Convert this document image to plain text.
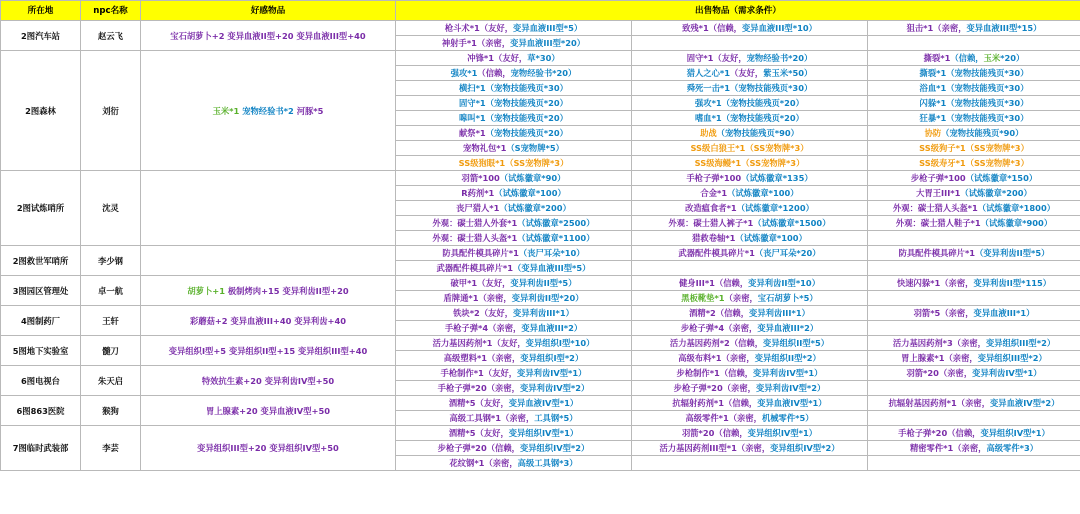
所在地	npc名称	好感物品	出售物品（需求条件）		
2图汽车站	赵云飞	宝石胡萝卜+2 变异血液II型+20 变异血液III型+40	枪斗术*1（友好，变异血液III型*5）	致残*1（信赖，变异血液III型*10）	狙击*1（亲密，变异血液III型*15）
			神射手*1（亲密，变异血液III型*20）		
2图森林	刘衍	玉米*1 宠物经验书*2 河豚*5	冲锋*1（友好，草*30）	固守*1（友好，宠物经验书*20）	撕裂*1（信赖，玉米*20）
			强攻*1（信赖，宠物经验书*20）	猎人之心*1（友好，紫玉米*50）	撕裂*1（宠物技能残页*30）
			横扫*1（宠物技能残页*30）	舜死一击*1（宠物技能残页*30）	浴血*1（宠物技能残页*30）
			固守*1（宠物技能残页*20）	强攻*1（宠物技能残页*20）	闪躲*1（宠物技能残页*30）
			嗥叫*1（宠物技能残页*20）	嗜血*1（宠物技能残页*20）	狂暴*1（宠物技能残页*30）
			献祭*1（宠物技能残页*20）	助战（宠物技能残页*90）	协防（宠物技能残页*90）
			宠物礼包*1（S宠物牌*5）	SS级白狼王*1（SS宠物牌*3）	SS级狗子*1（SS宠物牌*3）
			SS级狍眼*1（SS宠物牌*3）	SS级海鳗*1（SS宠物牌*3）	SS级寿牙*1（SS宠物牌*3）
2图试炼哨所	沈灵		羽箭*100（试炼徽章*90）	手枪子弹*100（试炼徽章*135）	步枪子弹*100（试炼徽章*150）
			R药剂*1（试炼徽章*100）	合金*1（试炼徽章*100）	大胃王III*1（试炼徽章*200）
			丧尸猎人*1（试炼徽章*200）	改造瘟食者*1（试炼徽章*1200）	外观：碳士猎人头盔*1（试炼徽章*1800）
			外观：碳士猎人外套*1（试炼徽章*2500）	外观：碳士猎人裤子*1（试炼徽章*1500）	外观：碳士猎人鞋子*1（试炼徽章*900）
			外观：碳士猎人头盔*1（试炼徽章*1100）	猎救卷轴*1（试炼徽章*100）	
2图救世军哨所	李少钢		防具配件模具碎片*1（丧尸耳朵*10）	武器配件模具碎片*1（丧尸耳朵*20）	防具配件模具碎片*1（变异利齿II型*5）
			武器配件模具碎片*1（变异血液III型*5）		
3图园区管理处	卓一航	胡萝卜+1 极制烤肉+15 变异利齿II型+20	破甲*1（友好，变异利齿II型*5）	健身III*1（信赖，变异利齿II型*10）	快速闪躲*1（亲密，变异利齿II型*115）
			盾牌通*1（亲密，变异利齿II型*20）	黑板靴垫*1（亲密，宝石胡萝卜*5）	
4图制药厂	王轩	彩蘑菇+2 变异血液III+40 变异利齿+40	铁块*2（友好，变异利齿III*1）	酒精*2（信赖，变异利齿III*1）	羽箭*5（亲密，变异血液III*1）
			手枪子弹*4（亲密，变异血液III*2）	步枪子弹*4（亲密，变异血液III*2）	
5图地下实验室	髓刀	变异组织I型+5 变异组织II型+15 变异组织III型+40	活力基因药剂*1（友好，变异组织I型*10）	活力基因药剂*2（信赖，变异组织II型*5）	活力基因药剂*3（亲密，变异组织III型*2）
			高级塑料*1（亲密，变异组织I型*2）	高级布料*1（亲密，变异组织II型*2）	胃上腺素*1（亲密，变异组织III型*2）
6图电视台	朱天启	特效抗生素+20 变异利齿IV型+50	手枪制作*1（友好，变异利齿IV型*1）	步枪制作*1（信赖，变异利齿IV型*1）	羽箭*20（亲密，变异利齿IV型*1）
			手枪子弹*20（亲密，变异利齿IV型*2）	步枪子弹*20（亲密，变异利齿IV型*2）	
6图863医院	猴狗	胃上腺素+20 变异血液IV型+50	酒精*5（友好，变异血液IV型*1）	抗辐射药剂*1（信赖，变异血液IV型*1）	抗辐射基因药剂*1（亲密，变异血液IV型*2）
			高级工具钢*1（亲密，工具钢*5）	高级零件*1（亲密，机械零件*5）	
7图临时武装部	李芸	变异组织III型+20 变异组织IV型+50	酒精*5（友好，变异组织IV型*1）	羽箭*20（信赖，变异组织IV型*1）	手枪子弹*20（信赖，变异组织IV型*1）
			步枪子弹*20（信赖，变异组织IV型*2）	活力基因药剂III型*1（亲密，变异组织IV型*2）	精密零件*1（亲密，高级零件*3）
			花纹钢*1（亲密，高级工具钢*3）		
